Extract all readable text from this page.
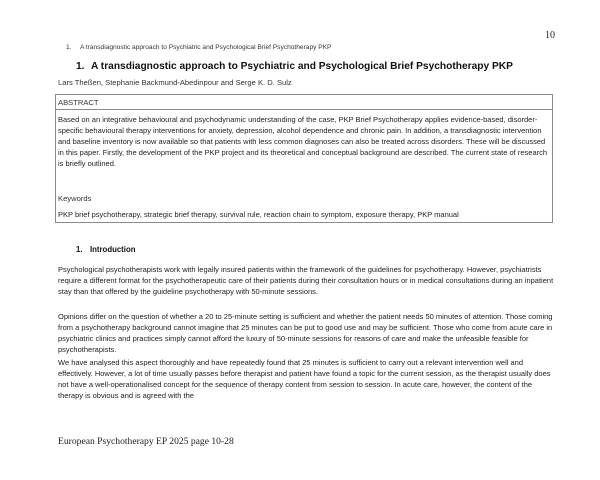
10
1. A transdiagnostic approach to Psychiatric and Psychological Brief Psychotherapy PKP
1. A transdiagnostic approach to Psychiatric and Psychological Brief Psychotherapy PKP
Lars Theßen, Stephanie Backmund-Abedinpour and Serge K. D. Sulz
ABSTRACT

Based on an integrative behavioural and psychodynamic understanding of the case, PKP Brief Psychotherapy applies evidence-based, disorder-specific behavioural therapy interventions for anxiety, depression, alcohol dependence and chronic pain. In addition, a transdiagnostic intervention and baseline inventory is now available so that patients with less common diagnoses can also be treated across disorders. These will be discussed in this paper. Firstly, the development of the PKP project and its theoretical and conceptual background are described. The current state of research is briefly outlined.

Keywords
PKP brief psychotherapy, strategic brief therapy, survival rule, reaction chain to symptom, exposure therapy, PKP manual
1. Introduction

Psychological psychotherapists work with legally insured patients within the framework of the guidelines for psychotherapy. However, psychiatrists require a different format for the psychotherapeutic care of their patients during their consultation hours or in medical consultations during an inpatient stay than that offered by the guideline psychotherapy with 50-minute sessions.

Opinions differ on the question of whether a 20 to 25-minute setting is sufficient and whether the patient needs 50 minutes of attention. Those coming from a psychotherapy background cannot imagine that 25 minutes can be put to good use and may be sufficient. Those who come from acute care in psychiatric clinics and practices simply cannot afford the luxury of 50-minute sessions for reasons of care and make the unfeasible feasible for psychotherapists.

We have analysed this aspect thoroughly and have repeatedly found that 25 minutes is sufficient to carry out a relevant intervention well and effectively. However, a lot of time usually passes before therapist and patient have found a topic for the current session, as the therapist usually does not have a well-operationalised concept for the sequence of therapy content from session to session. In acute care, however, the content of the therapy is obvious and is agreed with the

European Psychotherapy EP 2025 page 10-28
